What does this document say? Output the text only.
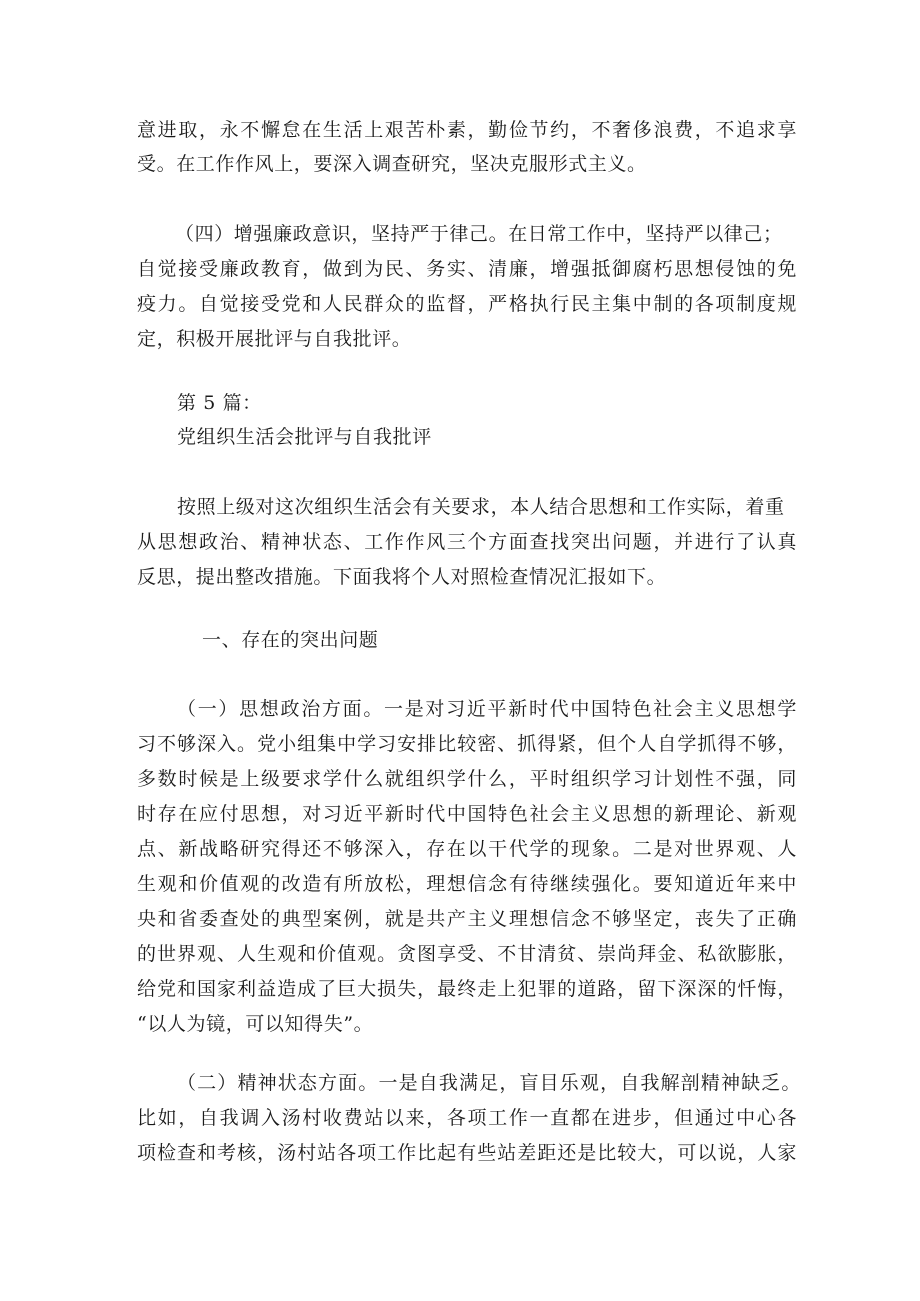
意进取，永不懈怠在生活上艰苦朴素，勤俭节约，不奢侈浪费，不追求享
受。在工作作风上，要深入调查研究，坚决克服形式主义。
（四）增强廉政意识，坚持严于律己。在日常工作中，坚持严以律己；
自觉接受廉政教育，做到为民、务实、清廉，增强抵御腐朽思想侵蚀的免
疫力。自觉接受党和人民群众的监督，严格执行民主集中制的各项制度规
定，积极开展批评与自我批评。
第 5 篇：
党组织生活会批评与自我批评
按照上级对这次组织生活会有关要求，本人结合思想和工作实际，着重
从思想政治、精神状态、工作作风三个方面查找突出问题，并进行了认真
反思，提出整改措施。下面我将个人对照检查情况汇报如下。
一、存在的突出问题
（一）思想政治方面。一是对习近平新时代中国特色社会主义思想学
习不够深入。党小组集中学习安排比较密、抓得紧，但个人自学抓得不够，
多数时候是上级要求学什么就组织学什么，平时组织学习计划性不强，同
时存在应付思想，对习近平新时代中国特色社会主义思想的新理论、新观
点、新战略研究得还不够深入，存在以干代学的现象。二是对世界观、人
生观和价值观的改造有所放松，理想信念有待继续强化。要知道近年来中
央和省委查处的典型案例，就是共产主义理想信念不够坚定，丧失了正确
的世界观、人生观和价值观。贪图享受、不甘清贫、崇尚拜金、私欲膨胀，
给党和国家利益造成了巨大损失，最终走上犯罪的道路，留下深深的忏悔，
“以人为镜，可以知得失”。
（二）精神状态方面。一是自我满足，盲目乐观，自我解剖精神缺乏。
比如，自我调入汤村收费站以来，各项工作一直都在进步，但通过中心各
项检查和考核，汤村站各项工作比起有些站差距还是比较大，可以说，人家
